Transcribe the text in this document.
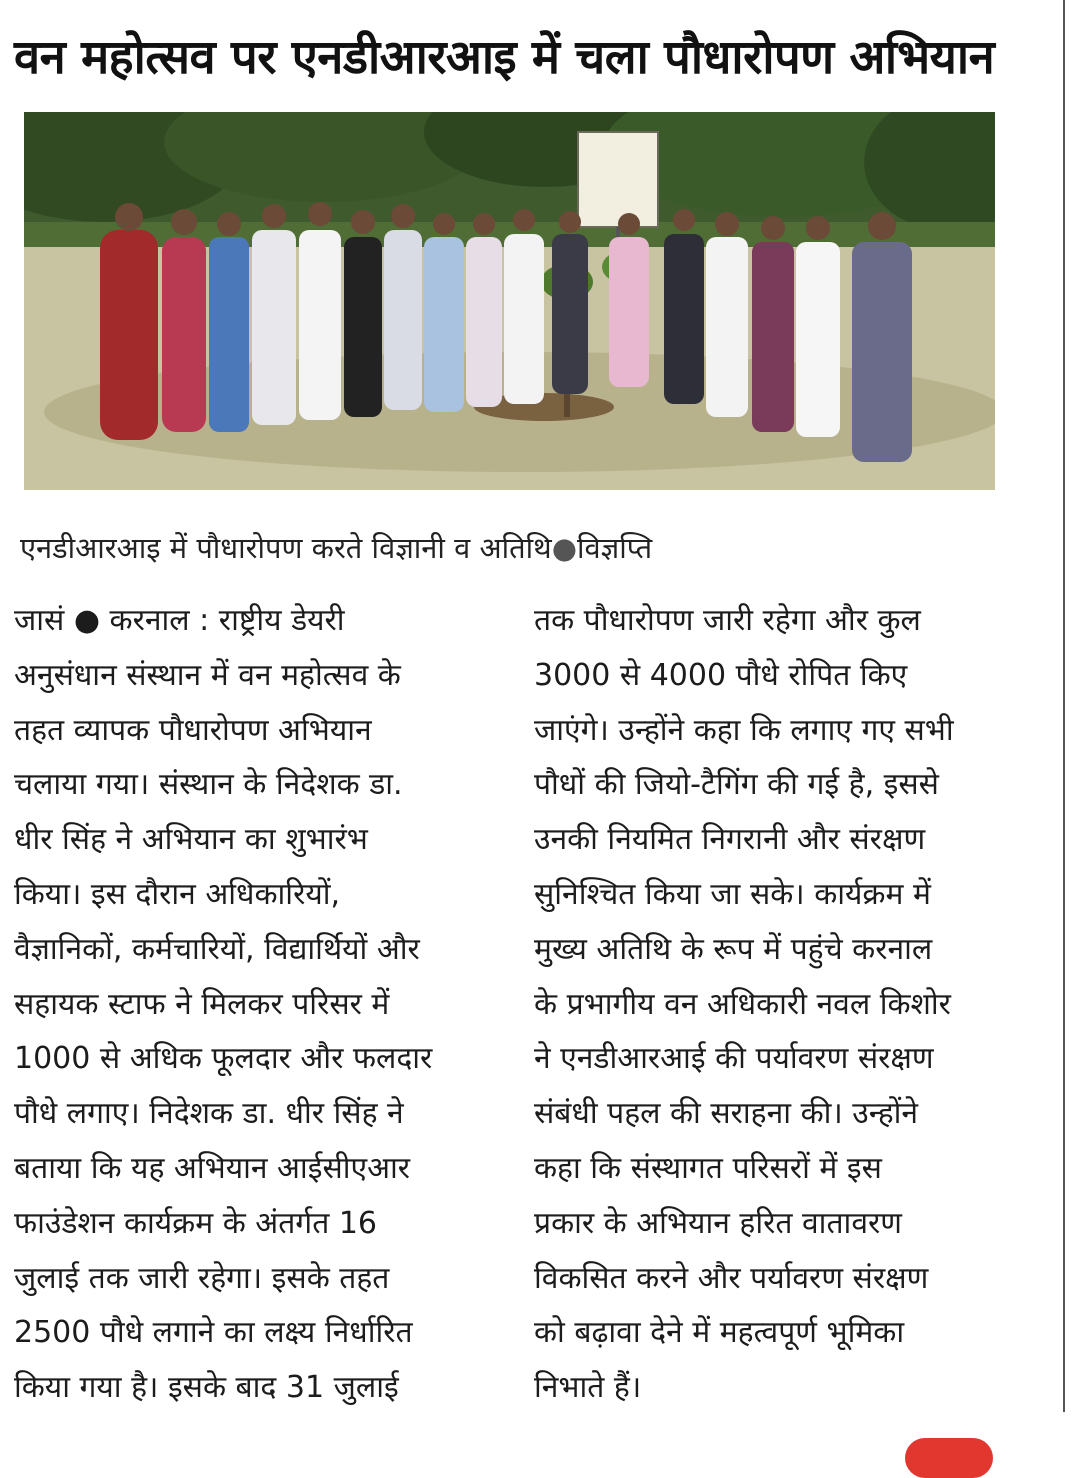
वन महोत्सव पर एनडीआरआइ में चला पौधारोपण अभियान
एनडीआरआइ में पौधारोपण करते विज्ञानी व अतिथि●विज्ञप्ति
जासं ● करनाल : राष्ट्रीय डेयरी
अनुसंधान संस्थान में वन महोत्सव के
तहत व्यापक पौधारोपण अभियान
चलाया गया। संस्थान के निदेशक डा.
धीर सिंह ने अभियान का शुभारंभ
किया। इस दौरान अधिकारियों,
वैज्ञानिकों, कर्मचारियों, विद्यार्थियों और
सहायक स्टाफ ने मिलकर परिसर में
1000 से अधिक फूलदार और फलदार
पौधे लगाए। निदेशक डा. धीर सिंह ने
बताया कि यह अभियान आईसीएआर
फाउंडेशन कार्यक्रम के अंतर्गत 16
जुलाई तक जारी रहेगा। इसके तहत
2500 पौधे लगाने का लक्ष्य निर्धारित
किया गया है। इसके बाद 31 जुलाई
तक पौधारोपण जारी रहेगा और कुल
3000 से 4000 पौधे रोपित किए
जाएंगे। उन्होंने कहा कि लगाए गए सभी
पौधों की जियो-टैगिंग की गई है, इससे
उनकी नियमित निगरानी और संरक्षण
सुनिश्चित किया जा सके। कार्यक्रम में
मुख्य अतिथि के रूप में पहुंचे करनाल
के प्रभागीय वन अधिकारी नवल किशोर
ने एनडीआरआई की पर्यावरण संरक्षण
संबंधी पहल की सराहना की। उन्होंने
कहा कि संस्थागत परिसरों में इस
प्रकार के अभियान हरित वातावरण
विकसित करने और पर्यावरण संरक्षण
को बढ़ावा देने में महत्वपूर्ण भूमिका
निभाते हैं।
